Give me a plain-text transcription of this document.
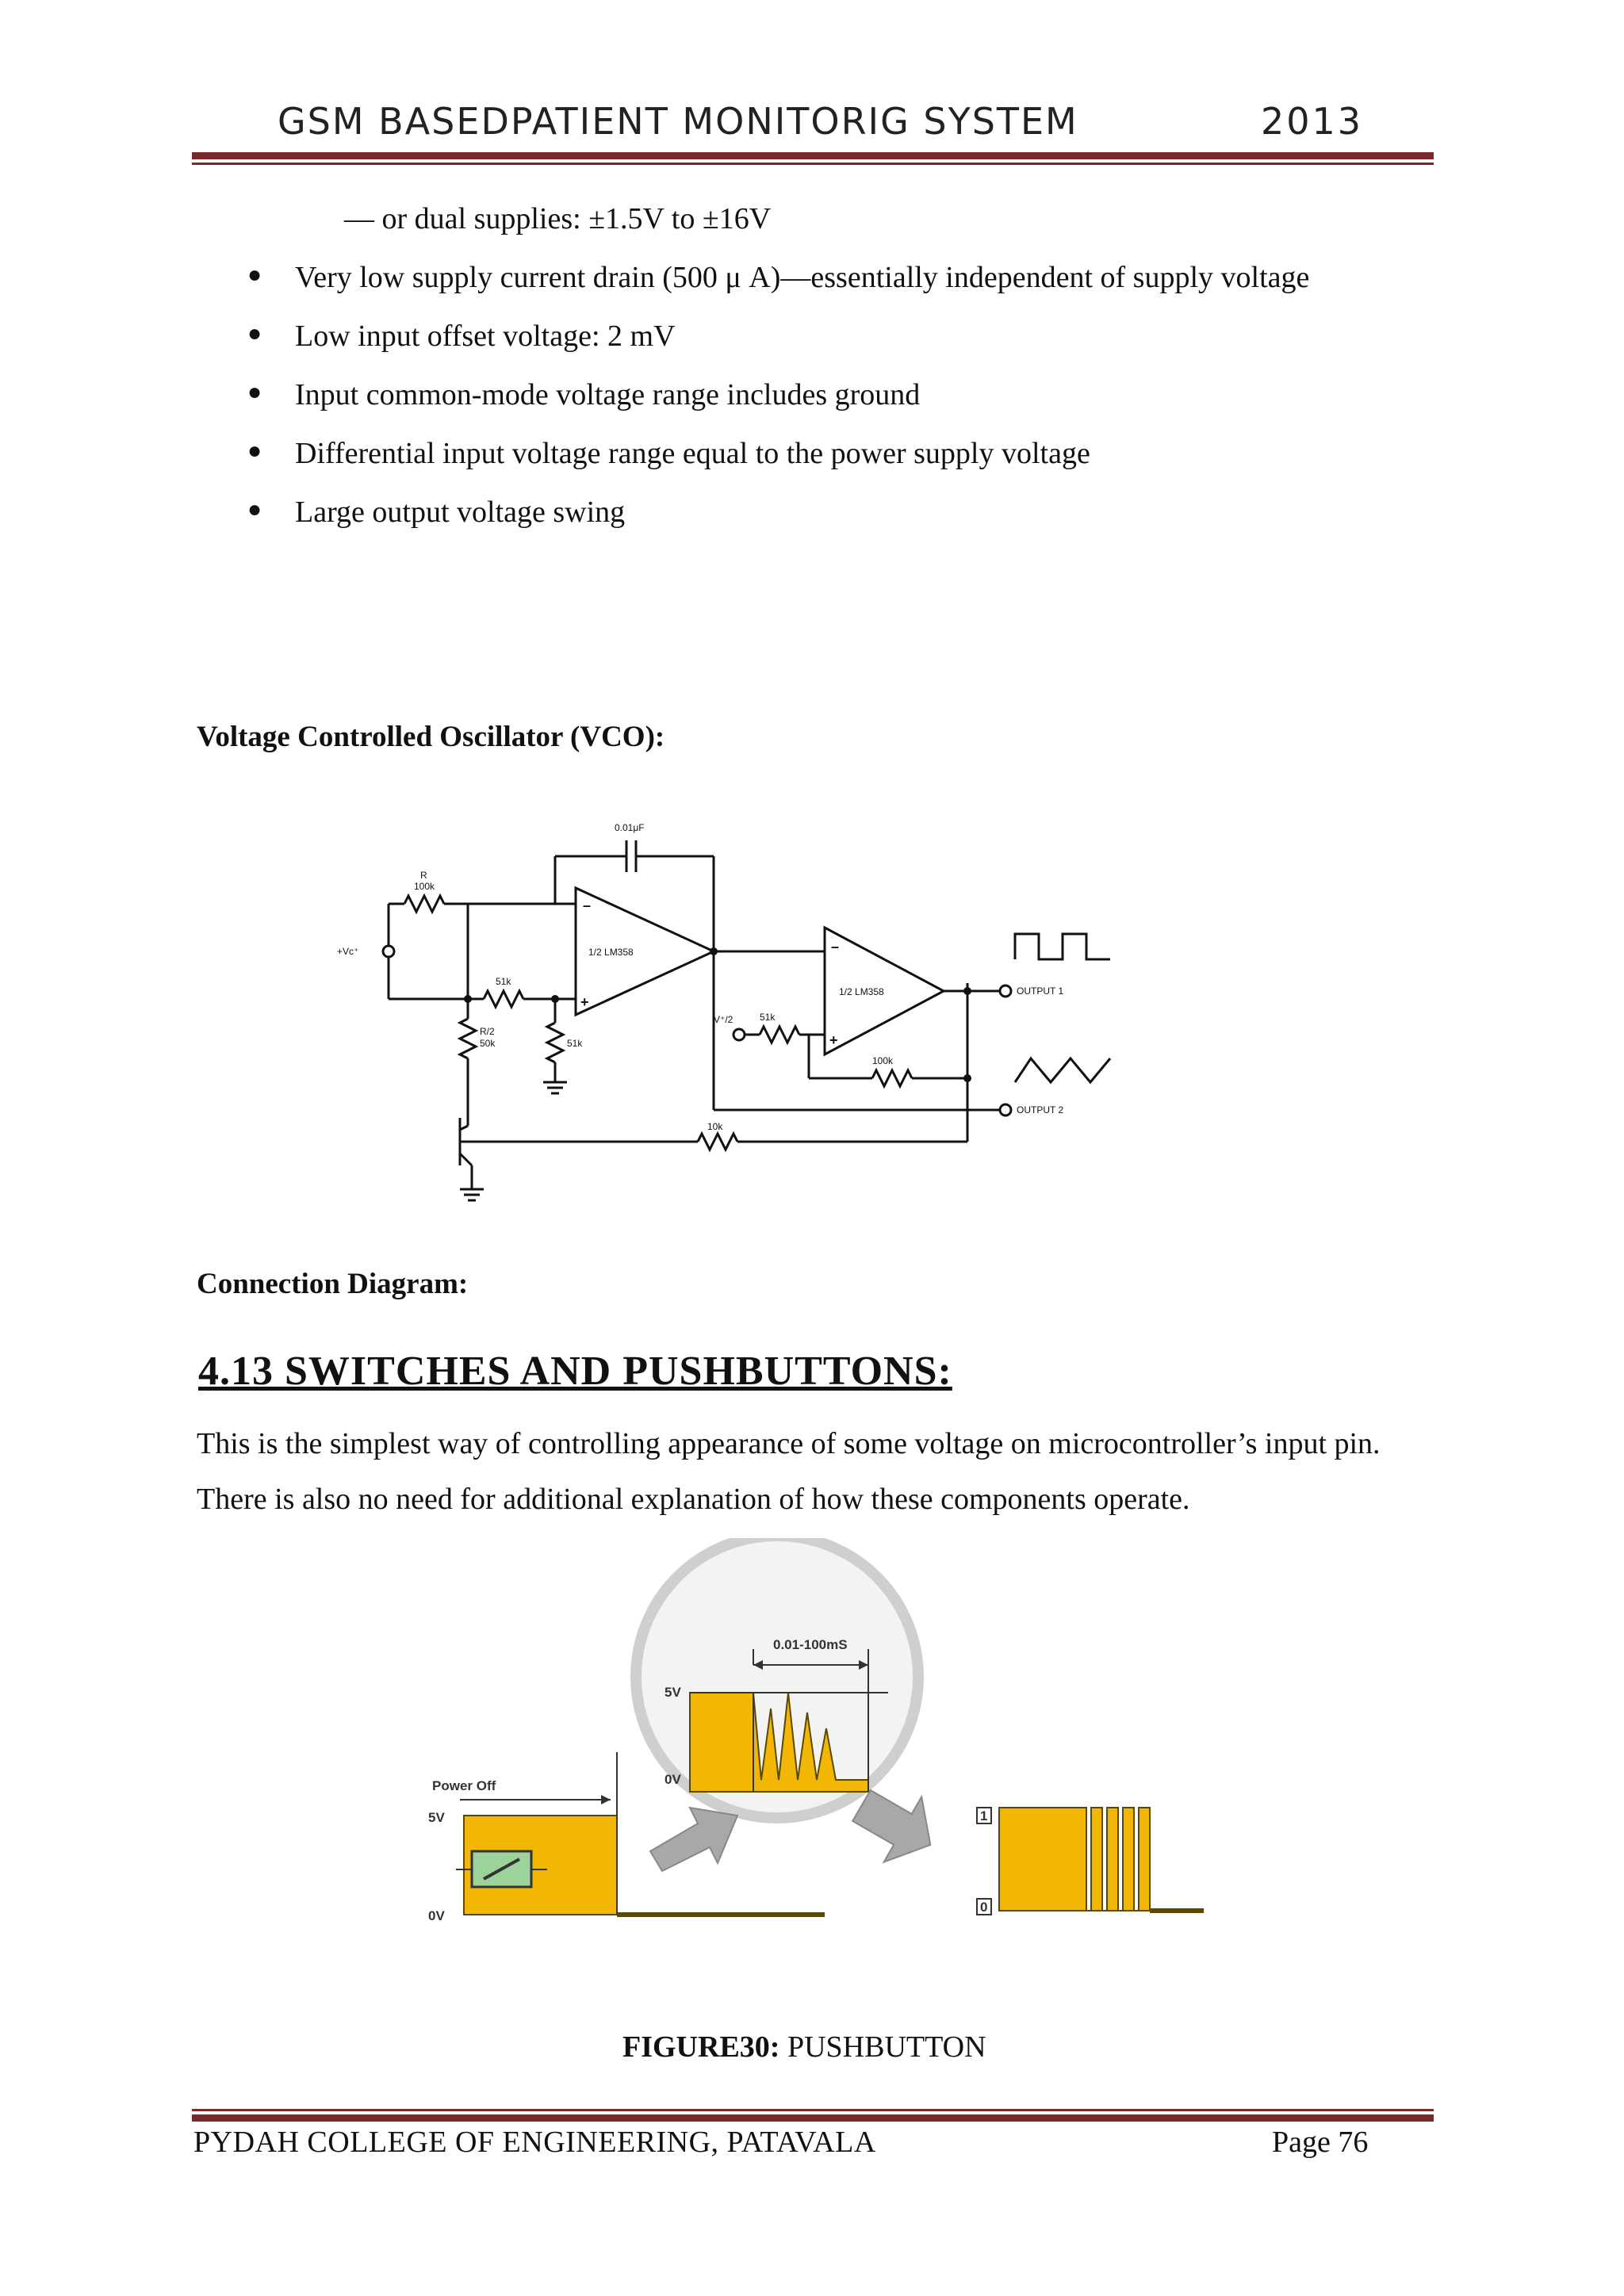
GSM BASEDPATIENT MONITORIG SYSTEM	2013
— or dual supplies: ±1.5V to ±16V
● Very low supply current drain (500 μ A)—essentially independent of supply voltage
● Low input offset voltage: 2 mV
● Input common-mode voltage range includes ground
● Differential input voltage range equal to the power supply voltage
● Large output voltage swing
Voltage Controlled Oscillator (VCO):
0.01μF
R
100k
+Vc⁺
51k
R/2
50k	51k
1/2 LM358
1/2 LM358
V⁺/2	51k
100k
10k
OUTPUT 1
OUTPUT 2
–
+
–
+
Connection Diagram:
4.13 SWITCHES AND PUSHBUTTONS:
This is the simplest way of controlling appearance of some voltage on microcontroller’s input pin. There is also no need for additional explanation of how these components operate.
Power Off
5V
0V
5V
0V
0.01-100mS
1
0
FIGURE30: PUSHBUTTON
PYDAH COLLEGE OF ENGINEERING, PATAVALA	Page 76
